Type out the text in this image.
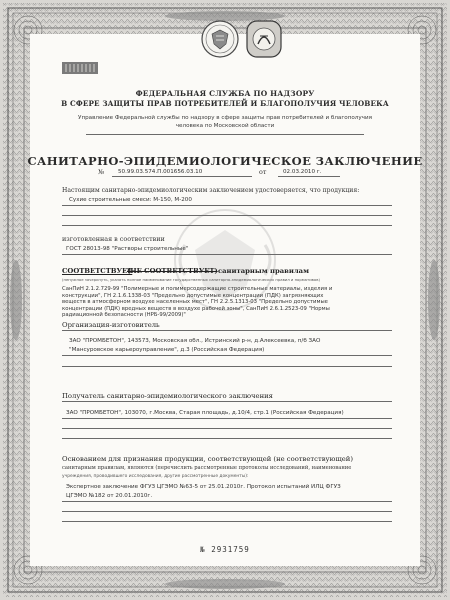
ФЕДЕРАЛЬНАЯ СЛУЖБА ПО НАДЗОРУ
В СФЕРЕ ЗАЩИТЫ ПРАВ ПОТРЕБИТЕЛЕЙ И БЛАГОПОЛУЧИЯ ЧЕЛОВЕКА
Управление Федеральной службы по надзору в сфере защиты прав потребителей и благополучия
человека по Московской области
САНИТАРНО-ЭПИДЕМИОЛОГИЧЕСКОЕ ЗАКЛЮЧЕНИЕ
№ 50.99.03.574.П.001656.03.10	от	02.03.2010 г.
Настоящим санитарно-эпидемиологическим заключением удостоверяется, что продукция:
Сухие строительные смеси: М-150, М-200
изготовленная в соответствии
ГОСТ 28013-98 "Растворы строительные"
СООТВЕТСТВУЕТ
(НЕ СООТВЕТСТВУЕТ) санитарным правилам
(ненужное зачеркнуть, указать полное наименование государственных санитарно-эпидемиологических правил и нормативов)
СанПиН 2.1.2.729-99 "Полимерные и полимерсодержащие строительные материалы, изделия и
конструкции", ГН 2.1.6.1338-03 "Предельно допустимые концентрации (ПДК) загрязняющих
веществ в атмосферном воздухе населенных мест", ГН 2.2.5.1313-03 "Предельно допустимые
концентрации (ПДК) вредных веществ в воздухе рабочей зоны", СанПиН 2.6.1.2523-09 "Нормы
радиационной безопасности (НРБ-99/2009)"
Организация-изготовитель
ЗАО "ПРОМБЕТОН", 143573, Московская обл., Истринский р-н, д.Алексеевка, п/б ЗАО
"Мансуровское карьероуправление", д.3 (Российская Федерация)
Получатель санитарно-эпидемиологического заключения
ЗАО "ПРОМБЕТОН", 103070, г.Москва, Старая площадь, д.10/4, стр.1 (Российская Федерация)
Основанием для признания продукции, соответствующей (не соответствующей)
санитарным правилам, являются (перечислить рассмотренные протоколы исследований, наименование
учреждения, проводившего исследования, другие рассмотренные документы):
Экспертное заключение ФГУЗ ЦГЭМО №63-5 от 25.01.2010г. Протокол испытаний ИЛЦ ФГУЗ
ЦГЭМО №182 от 20.01.2010г.
№ 2931759
